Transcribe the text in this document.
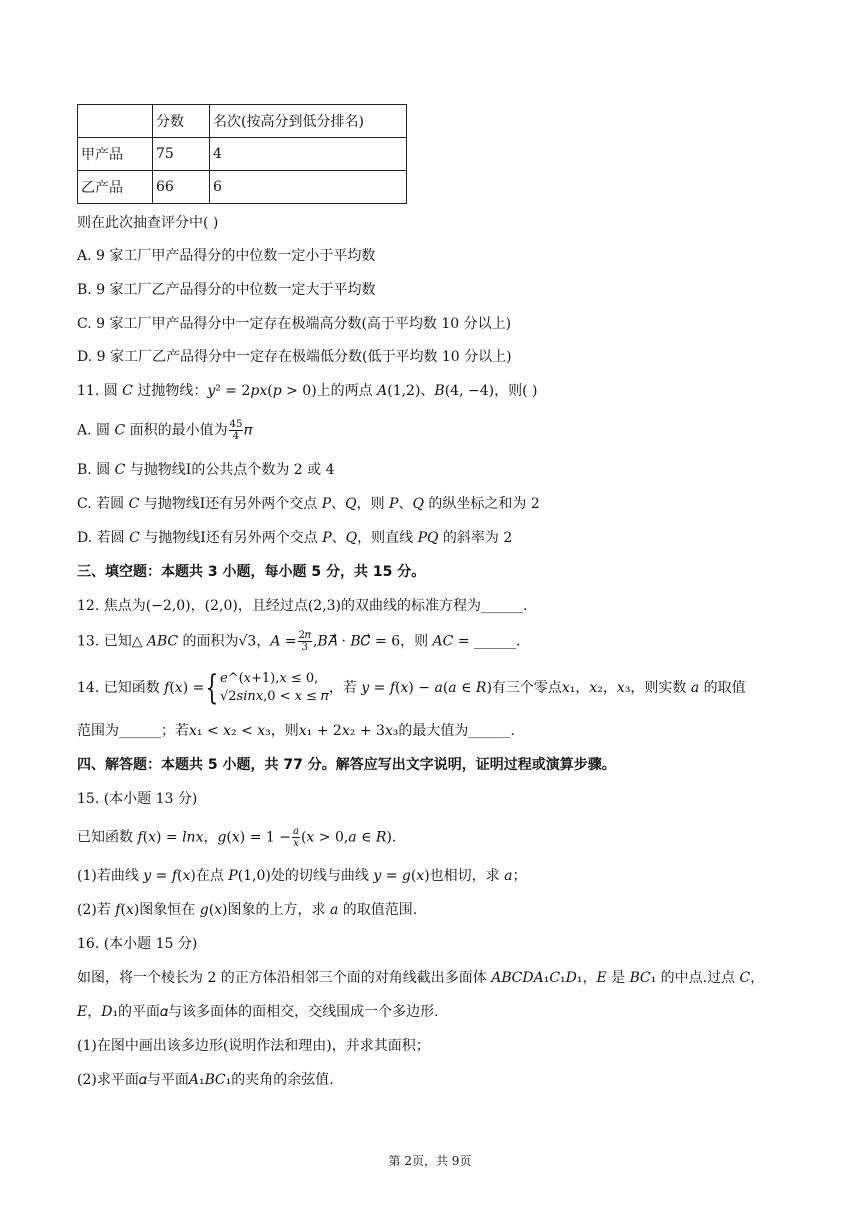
	分数	名次(按高分到低分排名)
甲产品	75	4
乙产品	66	6
则在此次抽查评分中( )
A. 9 家工厂甲产品得分的中位数一定小于平均数
B. 9 家工厂乙产品得分的中位数一定大于平均数
C. 9 家工厂甲产品得分中一定存在极端高分数(高于平均数 10 分以上)
D. 9 家工厂乙产品得分中一定存在极端低分数(低于平均数 10 分以上)
11. 圆 𝐶 过抛物线：𝑦² = 2𝑝𝑥(𝑝 > 0)上的两点 𝐴(1,2)、𝐵(4, −4)，则( )
A. 圆 𝐶 面积的最小值为 $\frac{45}{4}$ 𝜋
B. 圆 𝐶 与抛物线Ⅰ的公共点个数为 2 或 4
C. 若圆 𝐶 与抛物线Ⅰ还有另外两个交点 𝑃、𝑄，则 𝑃、𝑄 的纵坐标之和为 2
D. 若圆 𝐶 与抛物线Ⅰ还有另外两个交点 𝑃、𝑄，则直线 𝑃𝑄 的斜率为 2
三、填空题：本题共 3 小题，每小题 5 分，共 15 分。
12. 焦点为(−2,0)，(2,0)，且经过点(2,3)的双曲线的标准方程为______.
13. 已知△ 𝐴𝐵𝐶 的面积为√3，𝐴 = $\frac{\text{2𝜋}}{3}$ ,𝐵𝐴⃗ · 𝐵𝐶⃗ = 6，则 𝐴𝐶 = ______.
14. 已知函数 𝑓(𝑥) ={ 𝑒^(𝑥+1),𝑥 ≤ 0,
√2𝑠𝑖𝑛𝑥,0 < 𝑥 ≤ 𝜋
，若 𝑦 = 𝑓(𝑥) − 𝑎(𝑎 ∈ 𝑅)有三个零点𝑥₁，𝑥₂，𝑥₃，则实数 𝑎 的取值
范围为______；若𝑥₁ < 𝑥₂ < 𝑥₃，则𝑥₁ + 2𝑥₂ + 3𝑥₃的最大值为______.
四、解答题：本题共 5 小题，共 77 分。解答应写出文字说明，证明过程或演算步骤。
15. (本小题 13 分)
已知函数 𝑓(𝑥) = 𝑙𝑛𝑥，𝑔(𝑥) = $1 - \frac{\text{𝑎}}{\text{𝑥}}$ (𝑥 > 0,𝑎 ∈ 𝑅).
(1)若曲线 𝑦 = 𝑓(𝑥)在点 𝑃(1,0)处的切线与曲线 𝑦 = 𝑔(𝑥)也相切，求 𝑎；
(2)若 𝑓(𝑥)图象恒在 𝑔(𝑥)图象的上方，求 𝑎 的取值范围.
16. (本小题 15 分)
如图，将一个棱长为 2 的正方体沿相邻三个面的对角线截出多面体 𝐴𝐵𝐶𝐷𝐴₁𝐶₁𝐷₁，𝐸 是 𝐵𝐶₁ 的中点.过点 𝐶，
𝐸，𝐷₁的平面𝛼与该多面体的面相交，交线围成一个多边形.
(1)在图中画出该多边形(说明作法和理由)，并求其面积；
(2)求平面𝛼与平面𝐴₁𝐵𝐶₁的夹角的余弦值.
第 2页，共 9页
